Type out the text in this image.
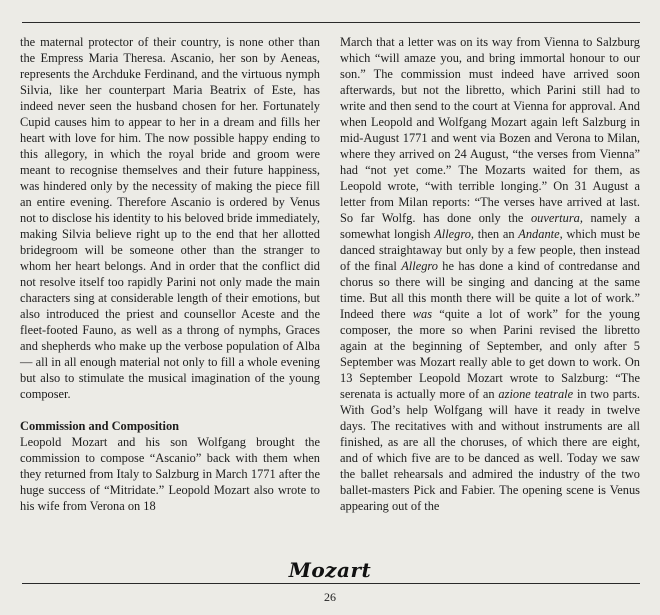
the maternal protector of their country, is none other than the Empress Maria Theresa. Ascanio, her son by Aeneas, represents the Archduke Ferdinand, and the virtuous nymph Silvia, like her counterpart Maria Beatrix of Este, has indeed never seen the husband chosen for her. Fortunately Cupid causes him to appear to her in a dream and fills her heart with love for him. The now possible happy ending to this allegory, in which the royal bride and groom were meant to recognise themselves and their future happiness, was hindered only by the necessity of making the piece fill an entire evening. Therefore Ascanio is ordered by Venus not to disclose his identity to his beloved bride immediately, making Silvia believe right up to the end that her allotted bridegroom will be someone other than the stranger to whom her heart belongs. And in order that the conflict did not resolve itself too rapidly Parini not only made the main characters sing at considerable length of their emotions, but also introduced the priest and counsellor Aceste and the fleet-footed Fauno, as well as a throng of nymphs, Graces and shepherds who make up the verbose population of Alba — all in all enough material not only to fill a whole evening but also to stimulate the musical imagination of the young composer.

Commission and Composition

Leopold Mozart and his son Wolfgang brought the commission to compose “Ascanio” back with them when they returned from Italy to Salzburg in March 1771 after the huge success of “Mitridate.” Leopold Mozart also wrote to his wife from Verona on 18

March that a letter was on its way from Vienna to Salzburg which “will amaze you, and bring immortal honour to our son.” The commission must indeed have arrived soon afterwards, but not the libretto, which Parini still had to write and then send to the court at Vienna for approval. And when Leopold and Wolfgang Mozart again left Salzburg in mid-August 1771 and went via Bozen and Verona to Milan, where they arrived on 24 August, “the verses from Vienna” had “not yet come.” The Mozarts waited for them, as Leopold wrote, “with terrible longing.” On 31 August a letter from Milan reports: “The verses have arrived at last. So far Wolfg. has done only the ouvertura, namely a somewhat longish Allegro, then an Andante, which must be danced straightaway but only by a few people, then instead of the final Allegro he has done a kind of contredanse and chorus so there will be singing and dancing at the same time. But all this month there will be quite a lot of work.” Indeed there was “quite a lot of work” for the young composer, the more so when Parini revised the libretto again at the beginning of September, and only after 5 September was Mozart really able to get down to work. On 13 September Leopold Mozart wrote to Salzburg: “The serenata is actually more of an azione teatrale in two parts. With God’s help Wolfgang will have it ready in twelve days. The recitatives with and without instruments are all finished, as are all the choruses, of which there are eight, and of which five are to be danced as well. Today we saw the ballet rehearsals and admired the industry of the two ballet-masters Pick and Fabier. The opening scene is Venus appearing out of the

Mozart
26
